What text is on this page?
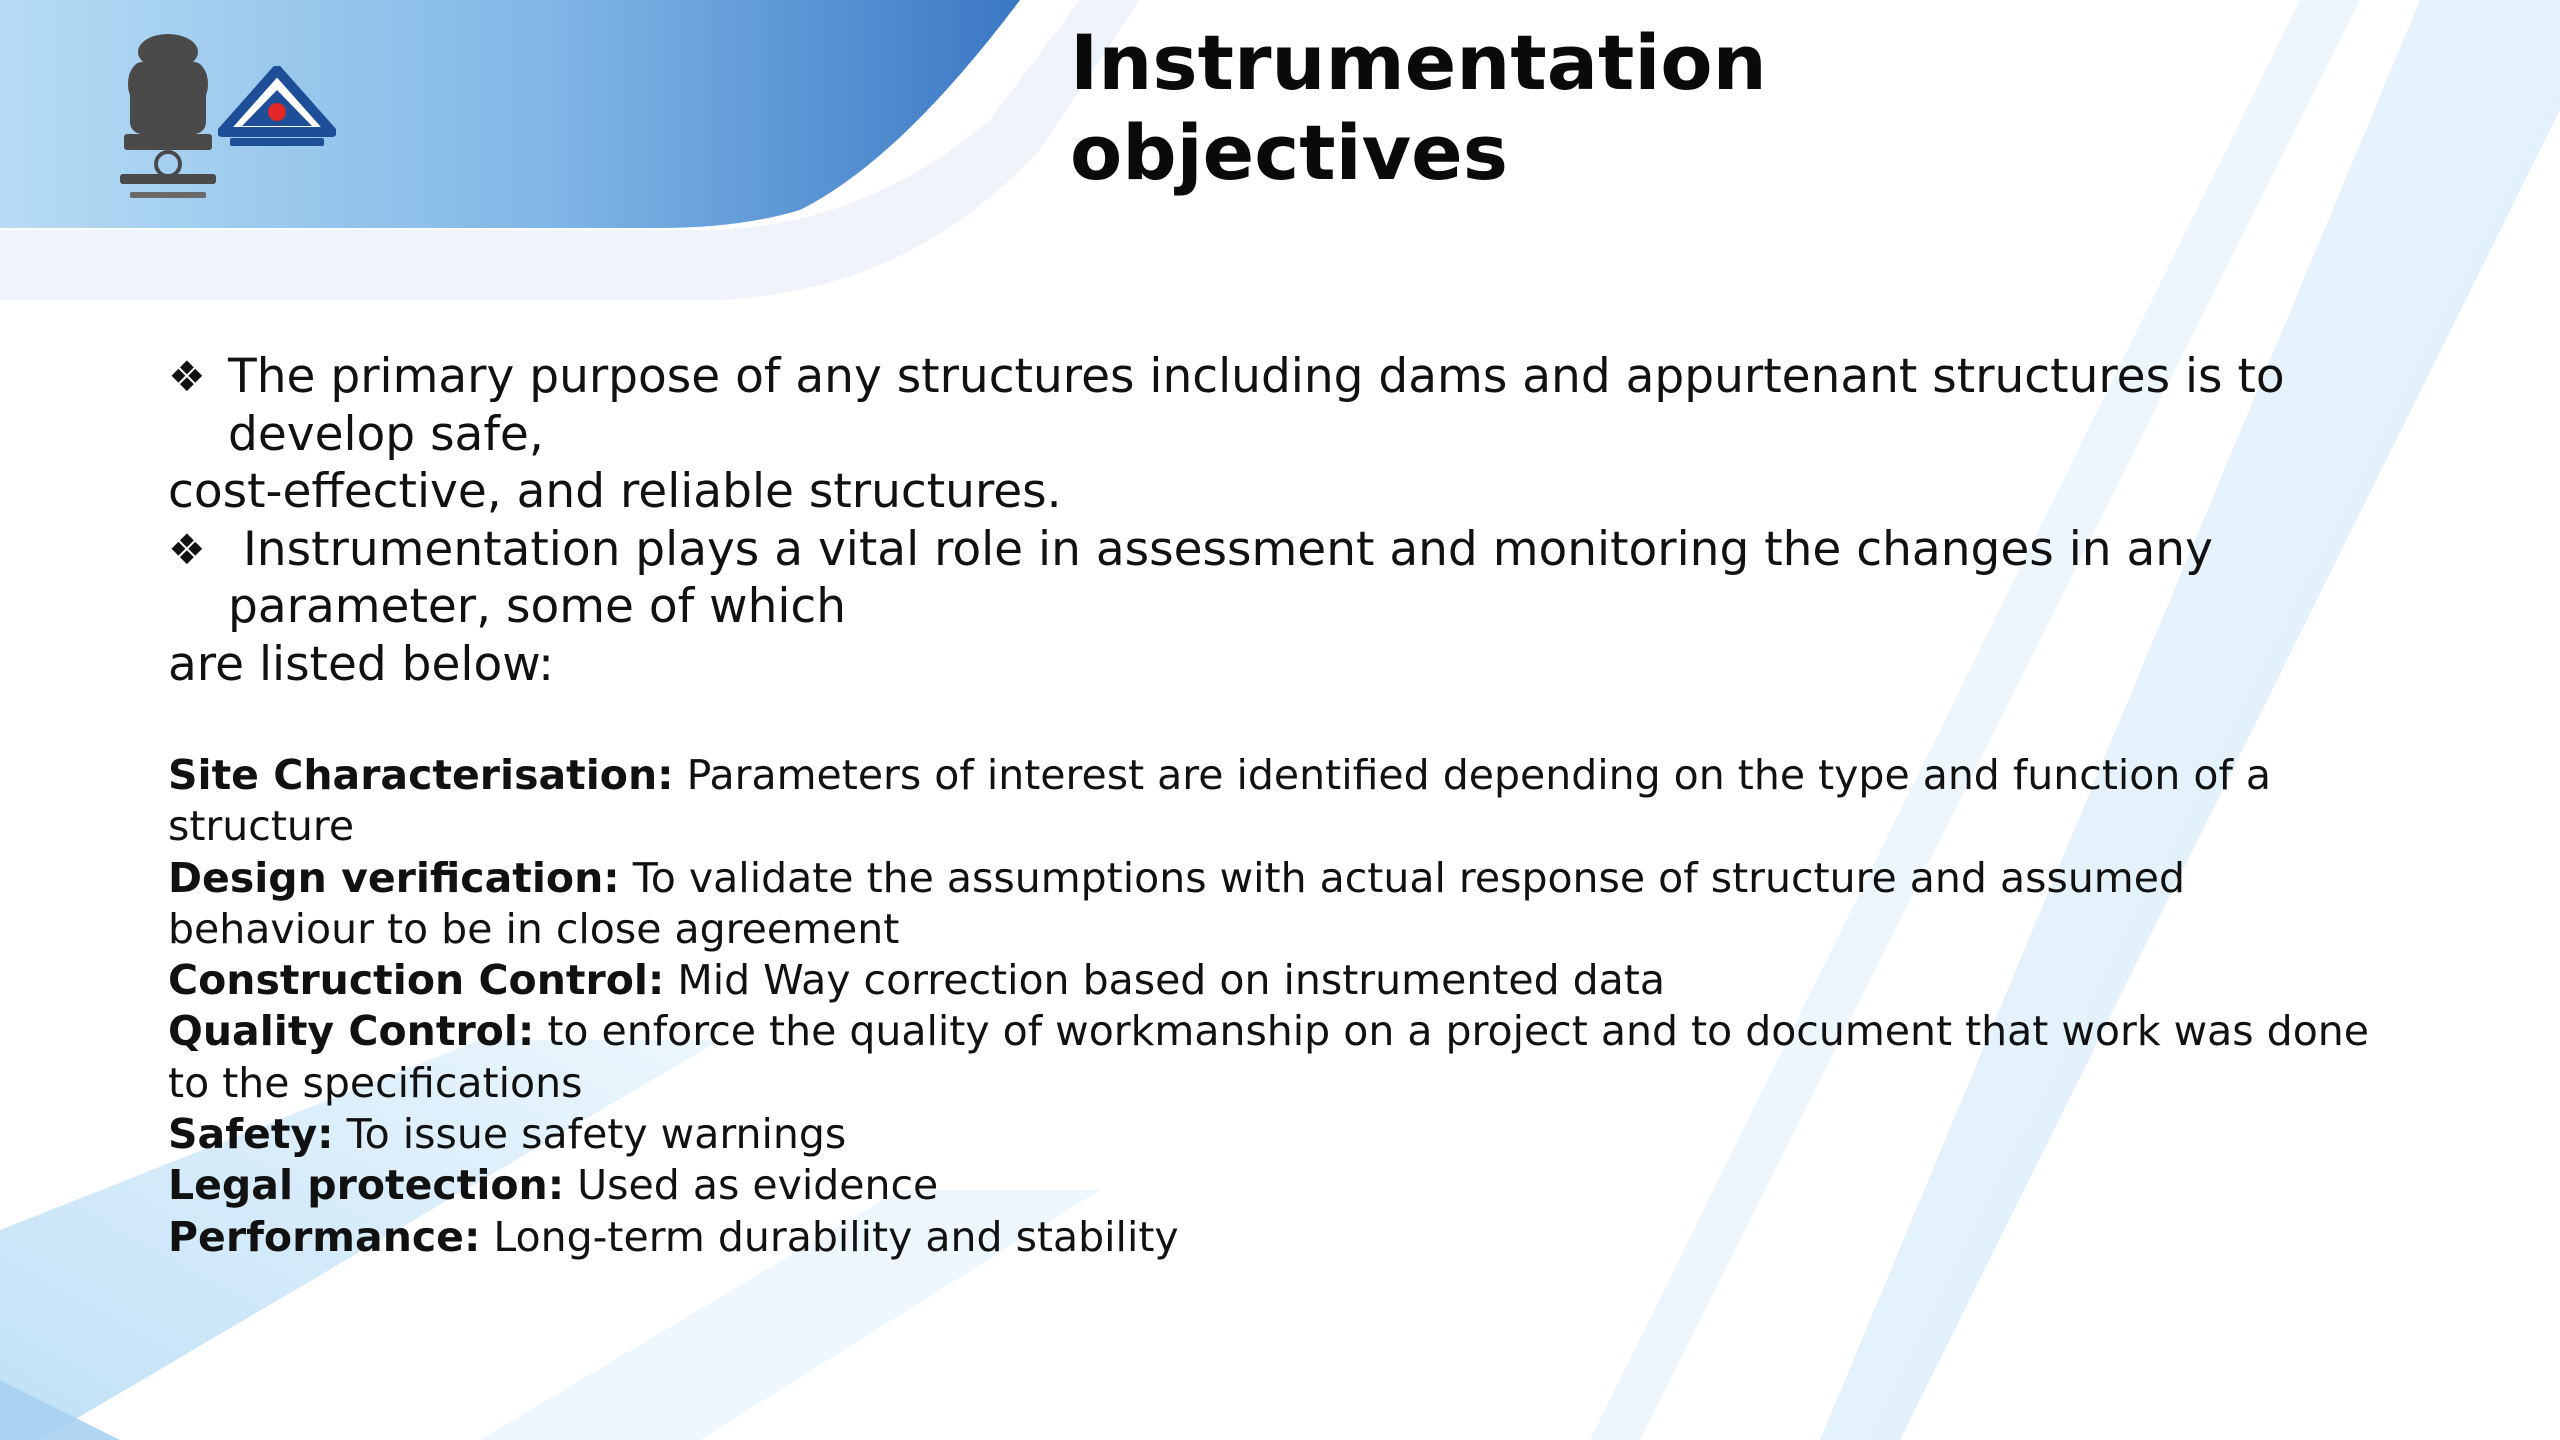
Instrumentation
objectives
❖ The primary purpose of any structures including dams and appurtenant structures is to
develop safe,
cost-effective, and reliable structures.
❖ Instrumentation plays a vital role in assessment and monitoring the changes in any
parameter, some of which
are listed below:
Site Characterisation: Parameters of interest are identified depending on the type and function of a structure
Design verification: To validate the assumptions with actual response of structure and assumed behaviour to be in close agreement
Construction Control: Mid Way correction based on instrumented data
Quality Control: to enforce the quality of workmanship on a project and to document that work was done to the specifications
Safety: To issue safety warnings
Legal protection: Used as evidence
Performance: Long-term durability and stability
